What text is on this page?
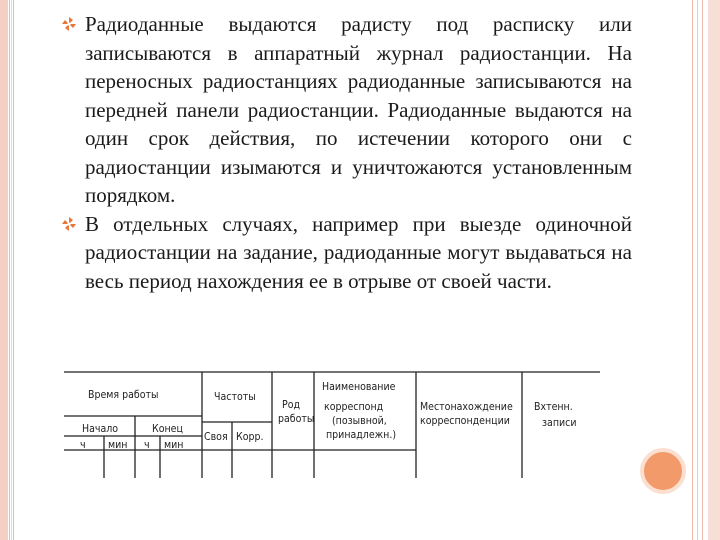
Радиоданные выдаются радисту под расписку или записываются в аппаратный журнал радиостанции. На переносных радиостанциях радиоданные записываются на передней панели радиостанции. Радиоданные выдаются на один срок действия, по истечении которого они с радиостанции изымаются и уничтожаются установленным порядком.

В отдельных случаях, например при выезде одиночной радиостанции на задание, радиоданные могут выдаваться на весь период нахождения ее в отрыве от своей части.

Время работы	Частоты
Род
работы
Наименование
корреспонд
(позывной,
принадлежн.)
Местонахождение
корреспонденции
Вхтенн.
записи
Начало	Конец
ч мин ч мин
Своя Корр.
